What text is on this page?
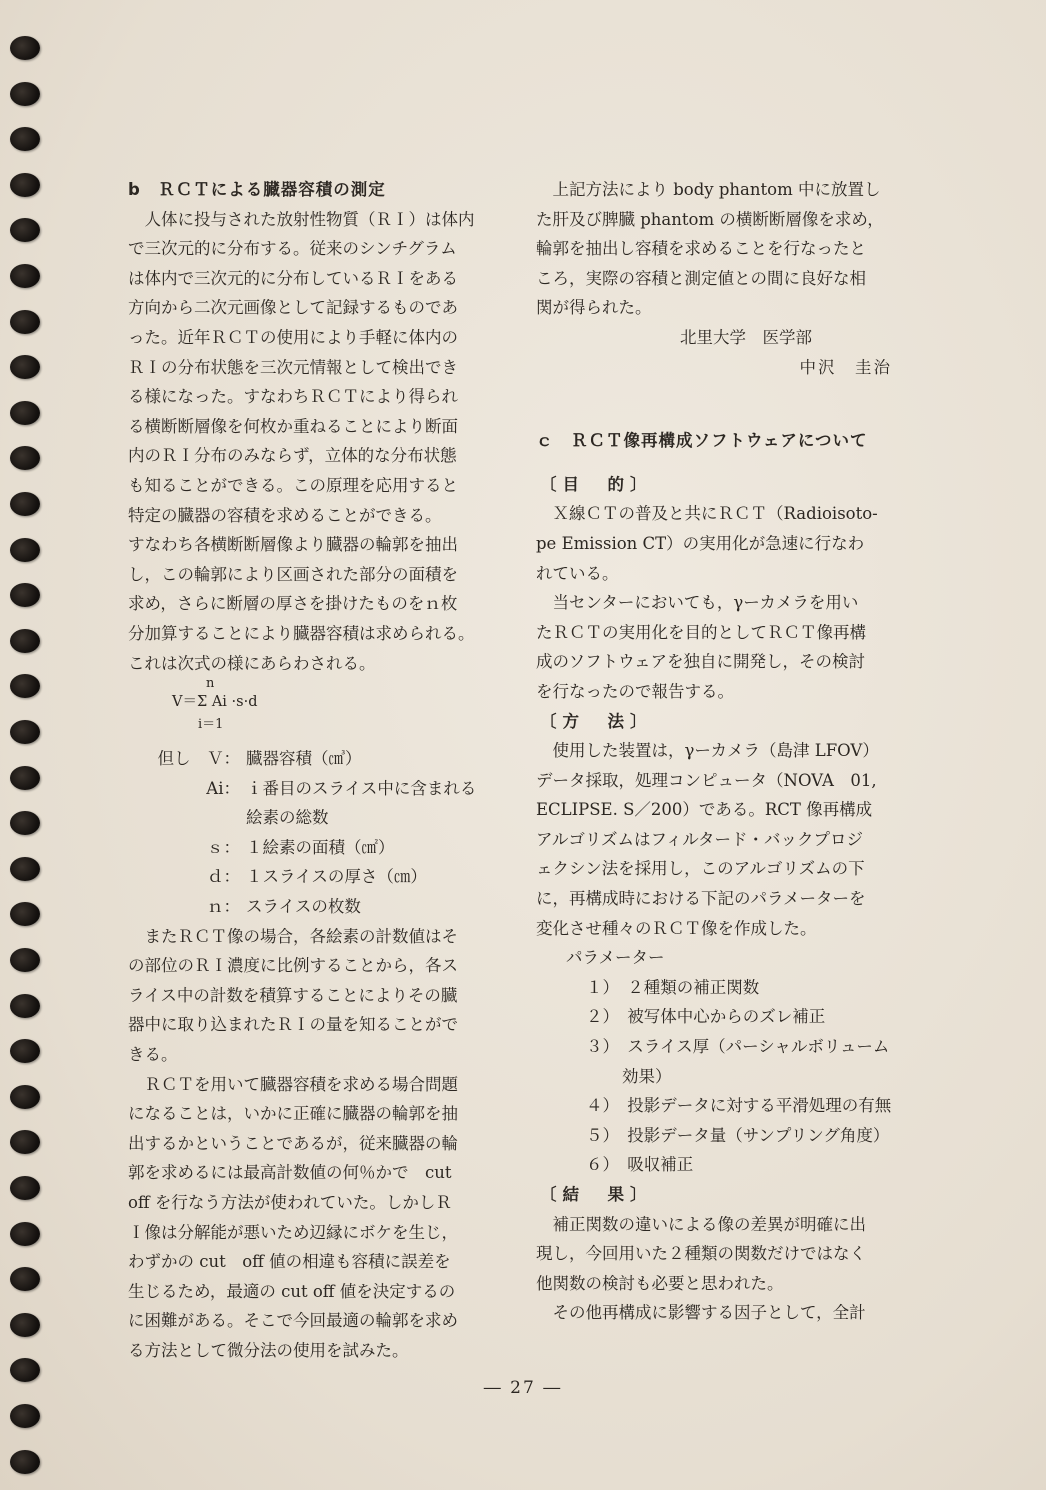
b　ＲＣＴによる臓器容積の測定
人体に投与された放射性物質（ＲＩ）は体内
で三次元的に分布する。従来のシンチグラム
は体内で三次元的に分布しているＲＩをある
方向から二次元画像として記録するものであ
った。近年ＲＣＴの使用により手軽に体内の
ＲＩの分布状態を三次元情報として検出でき
る様になった。すなわちＲＣＴにより得られ
る横断断層像を何枚か重ねることにより断面
内のＲＩ分布のみならず，立体的な分布状態
も知ることができる。この原理を応用すると
特定の臓器の容積を求めることができる。
すなわち各横断断層像より臓器の輪郭を抽出
し，この輪郭により区画された部分の面積を
求め，さらに断層の厚さを掛けたものをｎ枚
分加算することにより臓器容積は求められる。
これは次式の様にあらわされる。
n
V＝Σ Ai ·s·d
i＝1
但し　Ｖ： 臓器容積（㎤）
Ai： ｉ番目のスライス中に含まれる
絵素の総数
ｓ： １絵素の面積（㎠）
ｄ： １スライスの厚さ（㎝）
ｎ： スライスの枚数
またＲＣＴ像の場合，各絵素の計数値はそ
の部位のＲＩ濃度に比例することから，各ス
ライス中の計数を積算することによりその臓
器中に取り込まれたＲＩの量を知ることがで
きる。
ＲＣＴを用いて臓器容積を求める場合問題
になることは，いかに正確に臓器の輪郭を抽
出するかということであるが，従来臓器の輪
郭を求めるには最高計数値の何％かで　cut
off を行なう方法が使われていた。しかしＲ
Ｉ像は分解能が悪いため辺縁にボケを生じ，
わずかの cut　off 値の相違も容積に誤差を
生じるため，最適の cut off 値を決定するの
に困難がある。そこで今回最適の輪郭を求め
る方法として微分法の使用を試みた。
上記方法により body phantom 中に放置し
た肝及び脾臓 phantom の横断断層像を求め，
輪郭を抽出し容積を求めることを行なったと
ころ，実際の容積と測定値との間に良好な相
関が得られた。
北里大学　医学部
中沢　圭治
ｃ　ＲＣＴ像再構成ソフトウェアについて
〔目　的〕
Ｘ線ＣＴの普及と共にＲＣＴ（Radioisoto-
pe Emission CT）の実用化が急速に行なわ
れている。
当センターにおいても，γーカメラを用い
たＲＣＴの実用化を目的としてＲＣＴ像再構
成のソフトウェアを独自に開発し，その検討
を行なったので報告する。
〔方　法〕
使用した装置は，γーカメラ（島津 LFOV）
データ採取，処理コンピュータ（NOVA　01,
ECLIPSE. S／200）である。RCT 像再構成
アルゴリズムはフィルタード・バックプロジ
ェクシン法を採用し，このアルゴリズムの下
に，再構成時における下記のパラメーターを
変化させ種々のＲＣＴ像を作成した。
パラメーター
１）　２種類の補正関数
２）　被写体中心からのズレ補正
３）　スライス厚（パーシャルボリューム
効果）
４）　投影データに対する平滑処理の有無
５）　投影データ量（サンプリング角度）
６）　吸収補正
〔結　果〕
補正関数の違いによる像の差異が明確に出
現し，今回用いた２種類の関数だけではなく
他関数の検討も必要と思われた。
その他再構成に影響する因子として，全計
― 27 ―
